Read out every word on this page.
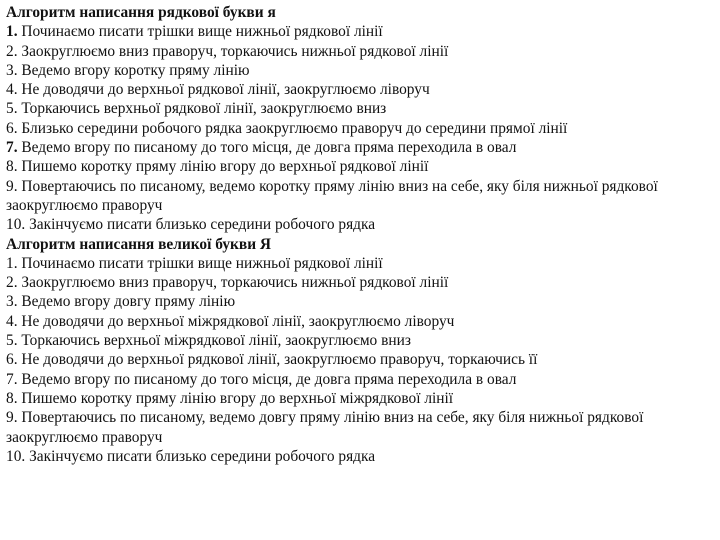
Алгоритм написання рядкової букви я

1. Починаємо писати трішки вище нижньої рядкової лінії

2. Заокруглюємо вниз праворуч, торкаючись нижньої рядкової лінії

3. Ведемо вгору коротку пряму лінію

4. Не доводячи до верхньої рядкової лінії, заокруглюємо ліворуч

5. Торкаючись верхньої рядкової лінії, заокруглюємо вниз

6. Близько середини робочого рядка заокруглюємо праворуч до середини прямої лінії

7. Ведемо вгору по писаному до того місця, де довга пряма переходила в овал

8. Пишемо коротку пряму лінію вгору до верхньої рядкової лінії

9. Повертаючись по писаному, ведемо коротку пряму лінію вниз на себе, яку біля нижньої рядкової заокруглюємо праворуч

10. Закінчуємо писати близько середини робочого рядка

Алгоритм написання великої букви Я

1. Починаємо писати трішки вище нижньої рядкової лінії

2. Заокруглюємо вниз праворуч, торкаючись нижньої рядкової лінії

3. Ведемо вгору довгу пряму лінію

4. Не доводячи до верхньої міжрядкової лінії, заокруглюємо ліворуч

5. Торкаючись верхньої міжрядкової лінії, заокруглюємо вниз

6. Не доводячи до верхньої рядкової лінії, заокруглюємо праворуч, торкаючись її

7. Ведемо вгору по писаному до того місця, де довга пряма переходила в овал

8. Пишемо коротку пряму лінію вгору до верхньої міжрядкової лінії

9. Повертаючись по писаному, ведемо довгу пряму лінію вниз на себе, яку біля нижньої рядкової заокруглюємо праворуч

10. Закінчуємо писати близько середини робочого рядка
